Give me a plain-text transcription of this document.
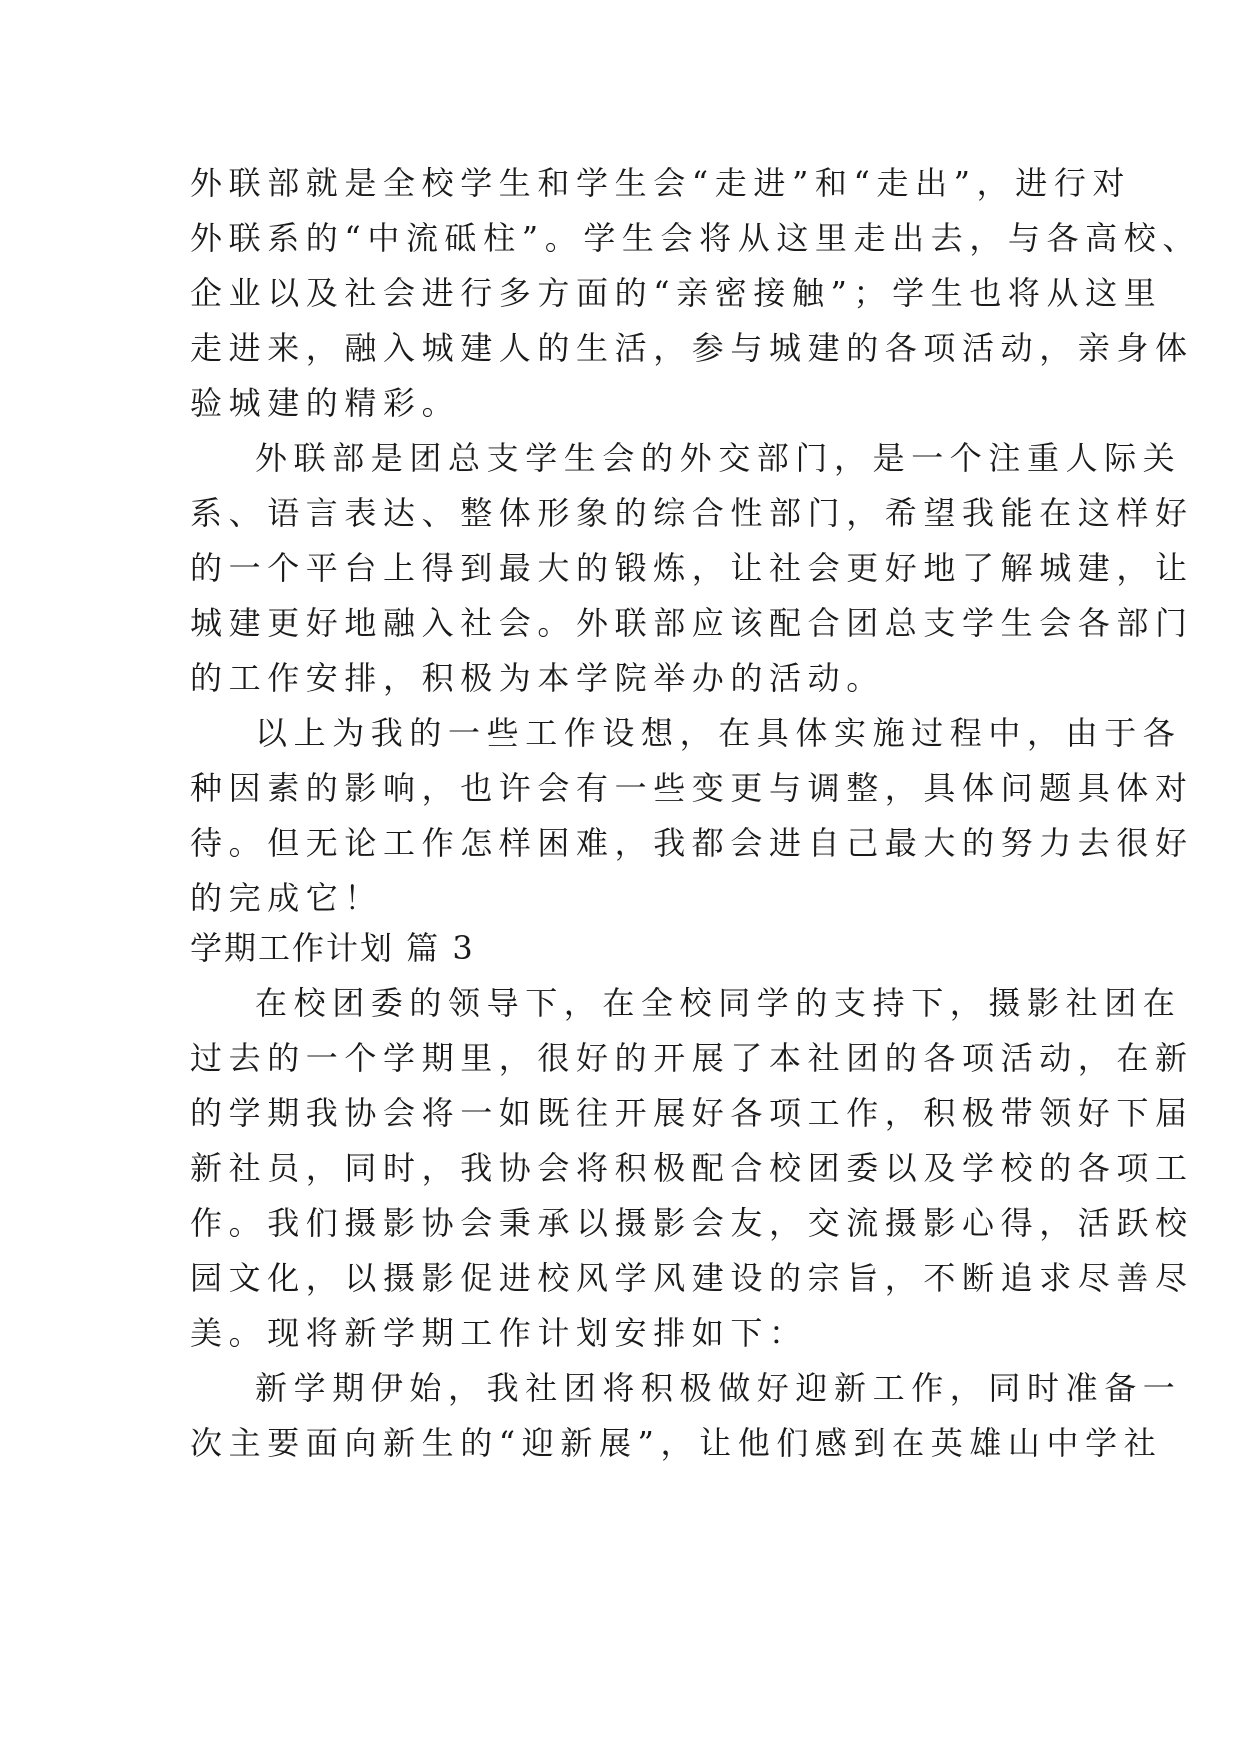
外联部就是全校学生和学生会“走进”和“走出”，进行对
外联系的“中流砥柱”。学生会将从这里走出去，与各高校、
企业以及社会进行多方面的“亲密接触”；学生也将从这里
走进来，融入城建人的生活，参与城建的各项活动，亲身体
验城建的精彩。
外联部是团总支学生会的外交部门，是一个注重人际关
系、语言表达、整体形象的综合性部门，希望我能在这样好
的一个平台上得到最大的锻炼，让社会更好地了解城建，让
城建更好地融入社会。外联部应该配合团总支学生会各部门
的工作安排，积极为本学院举办的活动。
以上为我的一些工作设想，在具体实施过程中，由于各
种因素的影响，也许会有一些变更与调整，具体问题具体对
待。但无论工作怎样困难，我都会进自己最大的努力去很好
的完成它！
学期工作计划 篇 3
在校团委的领导下，在全校同学的支持下，摄影社团在
过去的一个学期里，很好的开展了本社团的各项活动，在新
的学期我协会将一如既往开展好各项工作，积极带领好下届
新社员，同时，我协会将积极配合校团委以及学校的各项工
作。我们摄影协会秉承以摄影会友，交流摄影心得，活跃校
园文化，以摄影促进校风学风建设的宗旨，不断追求尽善尽
美。现将新学期工作计划安排如下：
新学期伊始，我社团将积极做好迎新工作，同时准备一
次主要面向新生的“迎新展”，让他们感到在英雄山中学社
